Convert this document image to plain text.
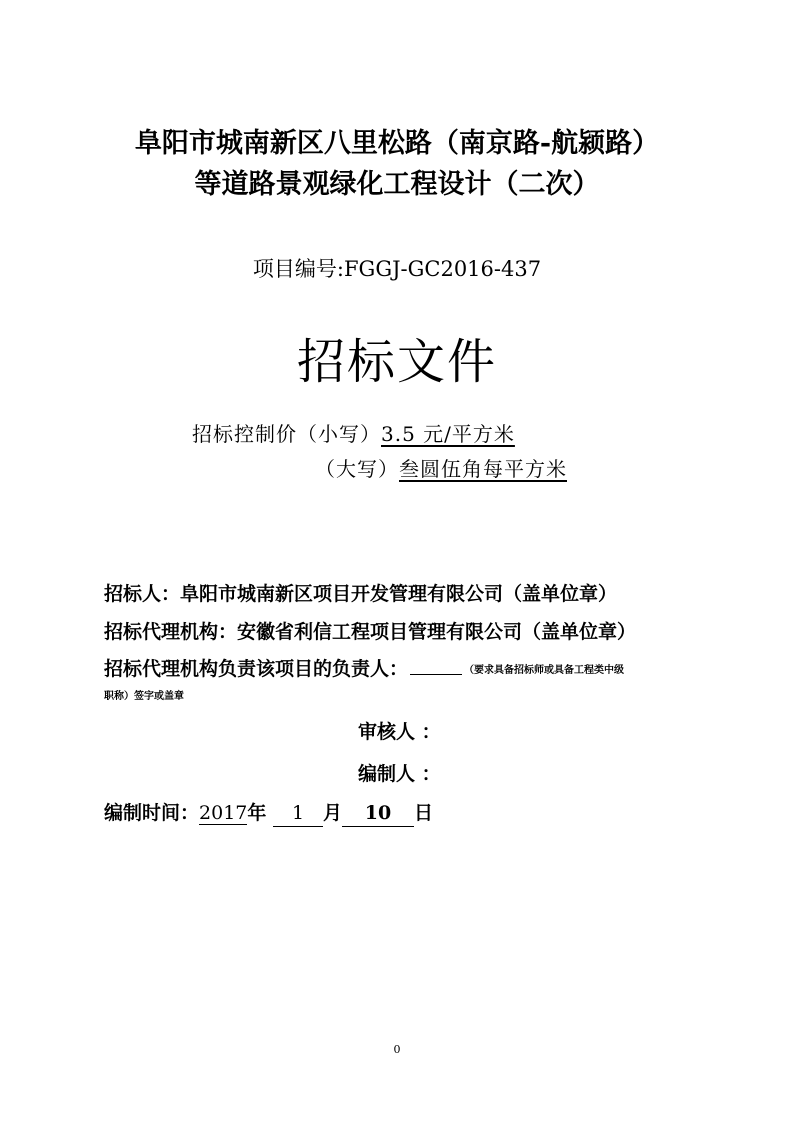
阜阳市城南新区八里松路（南京路-航颍路）
等道路景观绿化工程设计（二次）
项目编号:FGGJ-GC2016-437
招标文件
招标控制价（小写）3.5 元/平方米
（大写）叁圆伍角每平方米
招标人：阜阳市城南新区项目开发管理有限公司（盖单位章）
招标代理机构：安徽省利信工程项目管理有限公司（盖单位章）
招标代理机构负责该项目的负责人：	（要求具备招标师或具备工程类中级
职称）签字或盖章
审核人 ：
编制人 ：
编制时间：2017年 1 月 10 日
0
